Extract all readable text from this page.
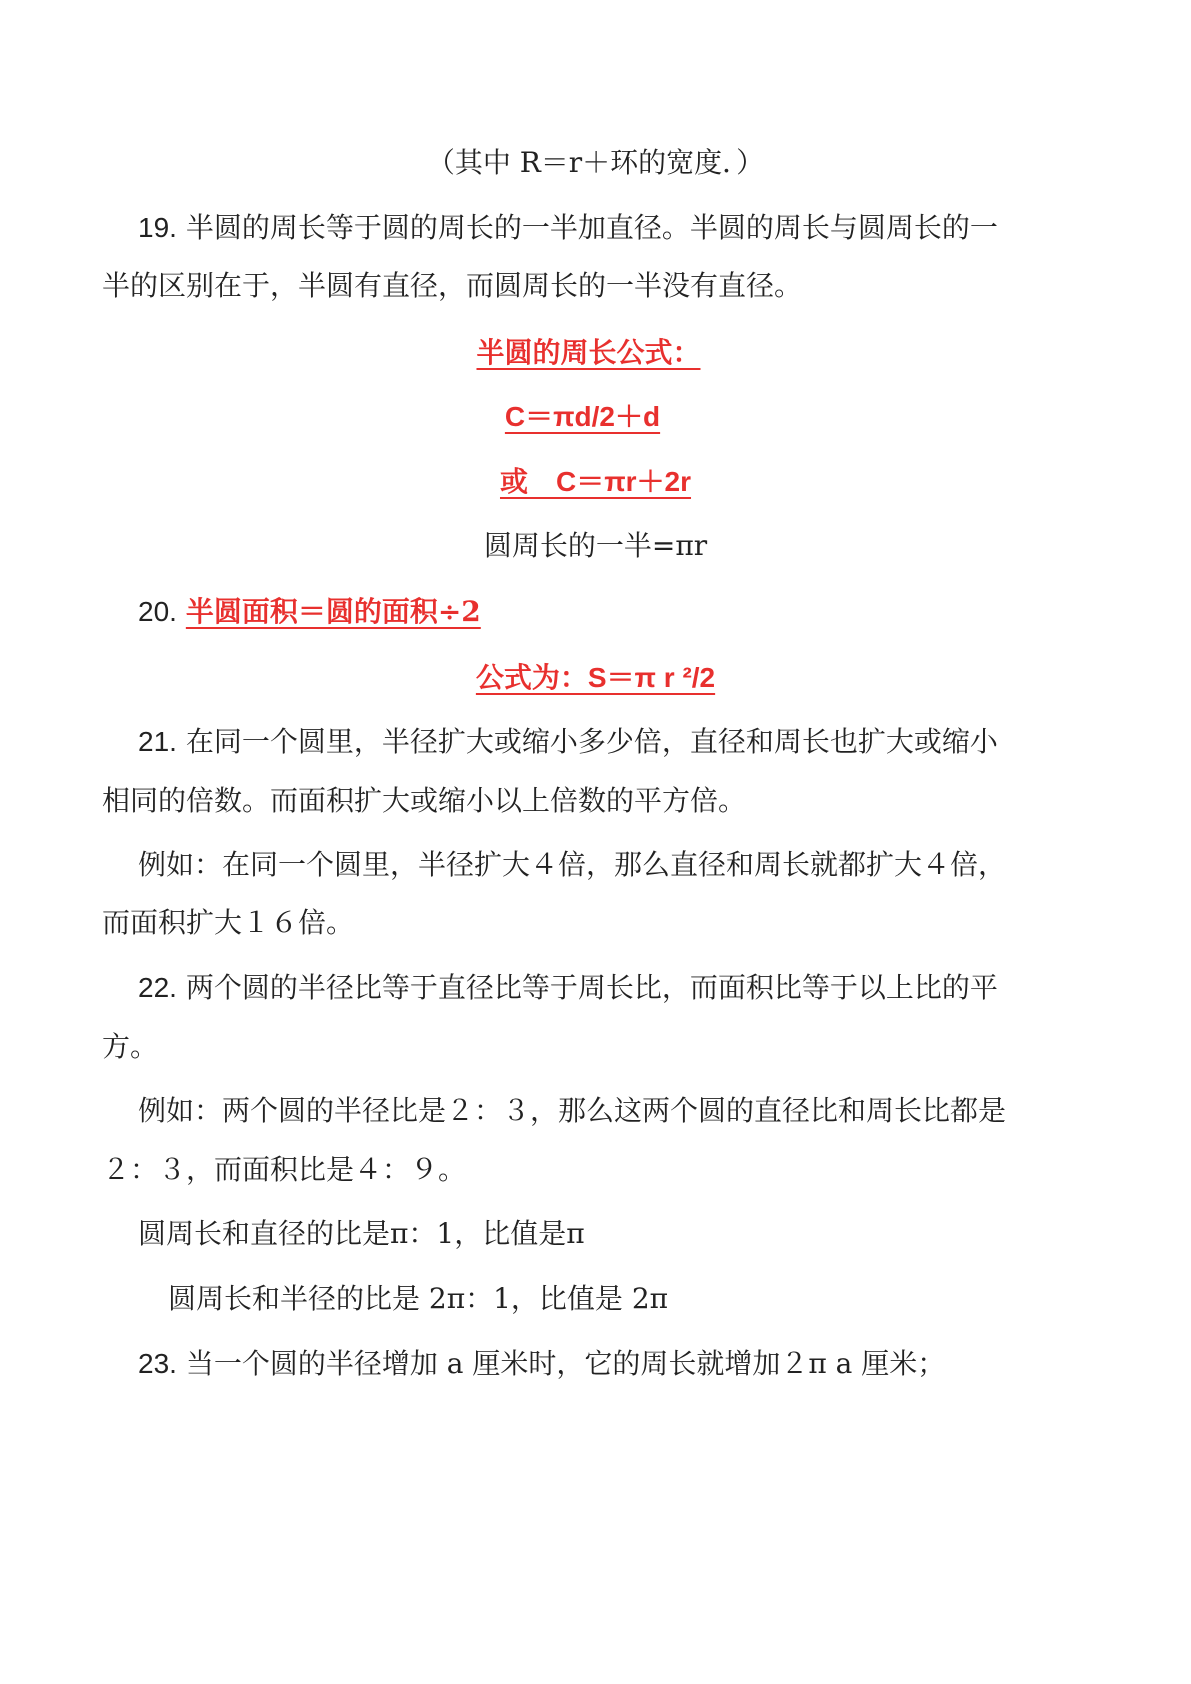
（其中 R＝r＋环的宽度．）
19. 半圆的周长等于圆的周长的一半加直径。半圆的周长与圆周长的一
半的区别在于，半圆有直径，而圆周长的一半没有直径。
半圆的周长公式：
C＝πd/2＋d
或　C＝πr＋2r
圆周长的一半=πr
20. 半圆面积＝圆的面积÷2
公式为：S＝π r ²/2
21. 在同一个圆里，半径扩大或缩小多少倍，直径和周长也扩大或缩小
相同的倍数。而面积扩大或缩小以上倍数的平方倍。
例如：在同一个圆里，半径扩大４倍，那么直径和周长就都扩大４倍，
而面积扩大１６倍。
22. 两个圆的半径比等于直径比等于周长比，而面积比等于以上比的平
方。
例如：两个圆的半径比是２：３，那么这两个圆的直径比和周长比都是
２：３，而面积比是４：９。
圆周长和直径的比是π：1，比值是π
圆周长和半径的比是 2π：1，比值是 2π
23. 当一个圆的半径增加 a 厘米时，它的周长就增加２π a 厘米；
